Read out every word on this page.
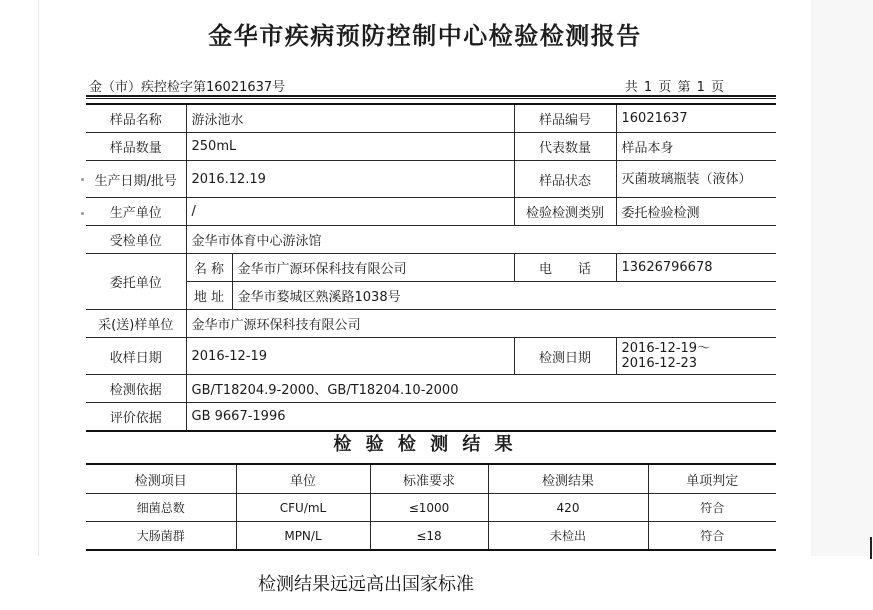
金华市疾病预防控制中心检验检测报告
金（市）疾控检字第16021637号	共 1 页 第 1 页
样品名称	游泳池水		样品编号	16021637
样品数量	250mL		代表数量	样品本身
生产日期/批号	2016.12.19		样品状态	灭菌玻璃瓶装（液体）
生产单位	/		检验检测类别	委托检验检测
受检单位	金华市体育中心游泳馆			
委托单位	名 称	金华市广源环保科技有限公司	电　　话	13626796678
	地 址	金华市婺城区熟溪路1038号		
采(送)样单位	金华市广源环保科技有限公司			
收样日期	2016-12-19		检测日期	2016-12-19～
2016-12-23
检测依据	GB/T18204.9-2000、GB/T18204.10-2000			
评价依据	GB 9667-1996			
检 验 检 测 结 果
检测项目	单位	标准要求	检测结果	单项判定
细菌总数	CFU/mL	≤1000	420	符合
大肠菌群	MPN/L	≤18	未检出	符合
检测结果远远高出国家标准
